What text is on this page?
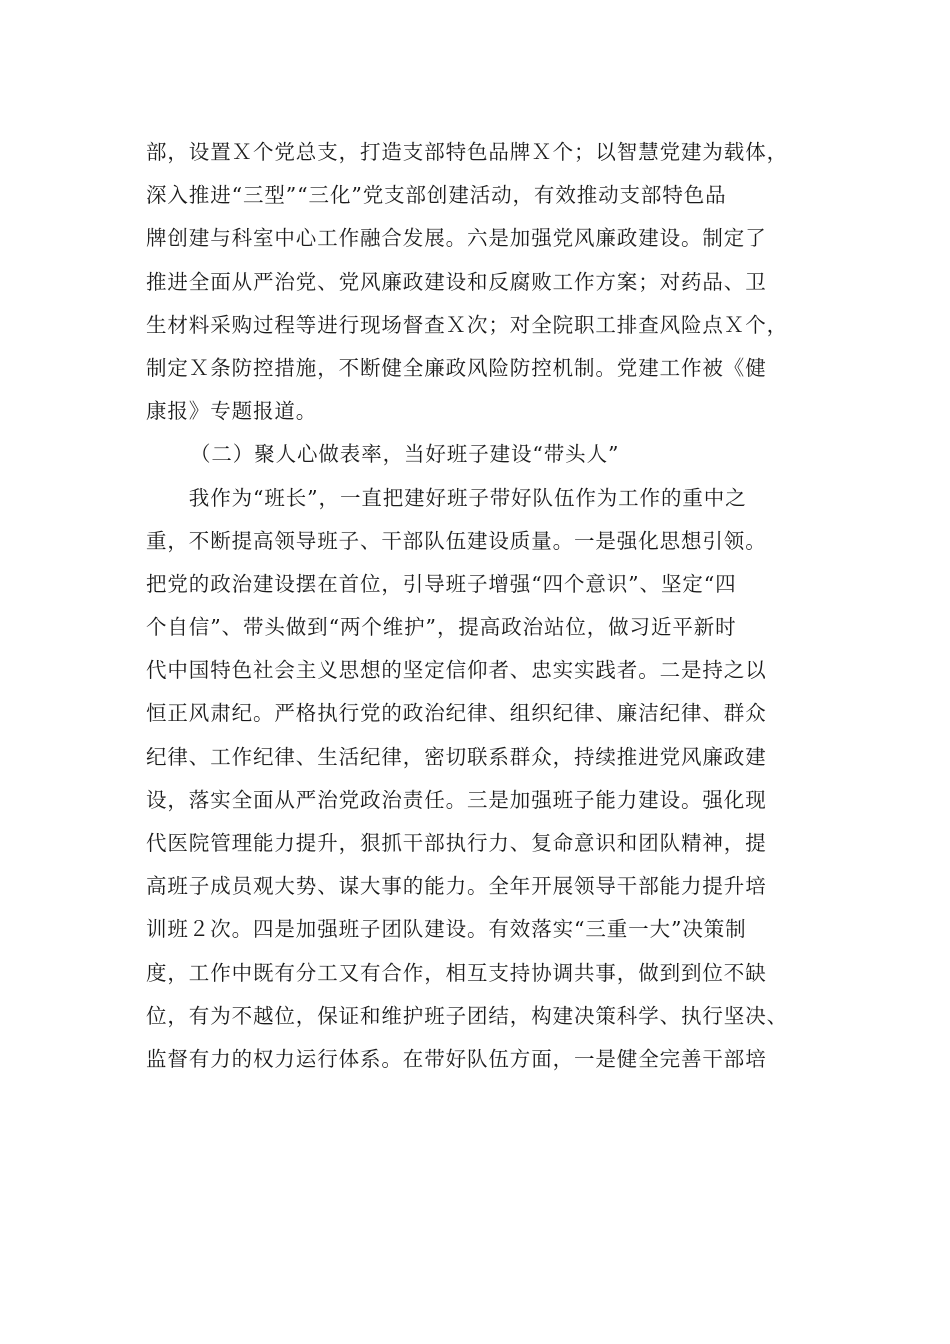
部，设置Ｘ个党总支，打造支部特色品牌Ｘ个；以智慧党建为载体，
深入推进“三型”“三化”党支部创建活动，有效推动支部特色品
牌创建与科室中心工作融合发展。六是加强党风廉政建设。制定了
推进全面从严治党、党风廉政建设和反腐败工作方案；对药品、卫
生材料采购过程等进行现场督查Ｘ次；对全院职工排查风险点Ｘ个，
制定Ｘ条防控措施，不断健全廉政风险防控机制。党建工作被《健
康报》专题报道。
（二）聚人心做表率，当好班子建设“带头人”
　　我作为“班长”，一直把建好班子带好队伍作为工作的重中之
重，不断提高领导班子、干部队伍建设质量。一是强化思想引领。
把党的政治建设摆在首位，引导班子增强“四个意识”、坚定“四
个自信”、带头做到“两个维护”，提高政治站位，做习近平新时
代中国特色社会主义思想的坚定信仰者、忠实实践者。二是持之以
恒正风肃纪。严格执行党的政治纪律、组织纪律、廉洁纪律、群众
纪律、工作纪律、生活纪律，密切联系群众，持续推进党风廉政建
设，落实全面从严治党政治责任。三是加强班子能力建设。强化现
代医院管理能力提升，狠抓干部执行力、复命意识和团队精神，提
高班子成员观大势、谋大事的能力。全年开展领导干部能力提升培
训班２次。四是加强班子团队建设。有效落实“三重一大”决策制
度，工作中既有分工又有合作，相互支持协调共事，做到到位不缺
位，有为不越位，保证和维护班子团结，构建决策科学、执行坚决、
监督有力的权力运行体系。在带好队伍方面，一是健全完善干部培
